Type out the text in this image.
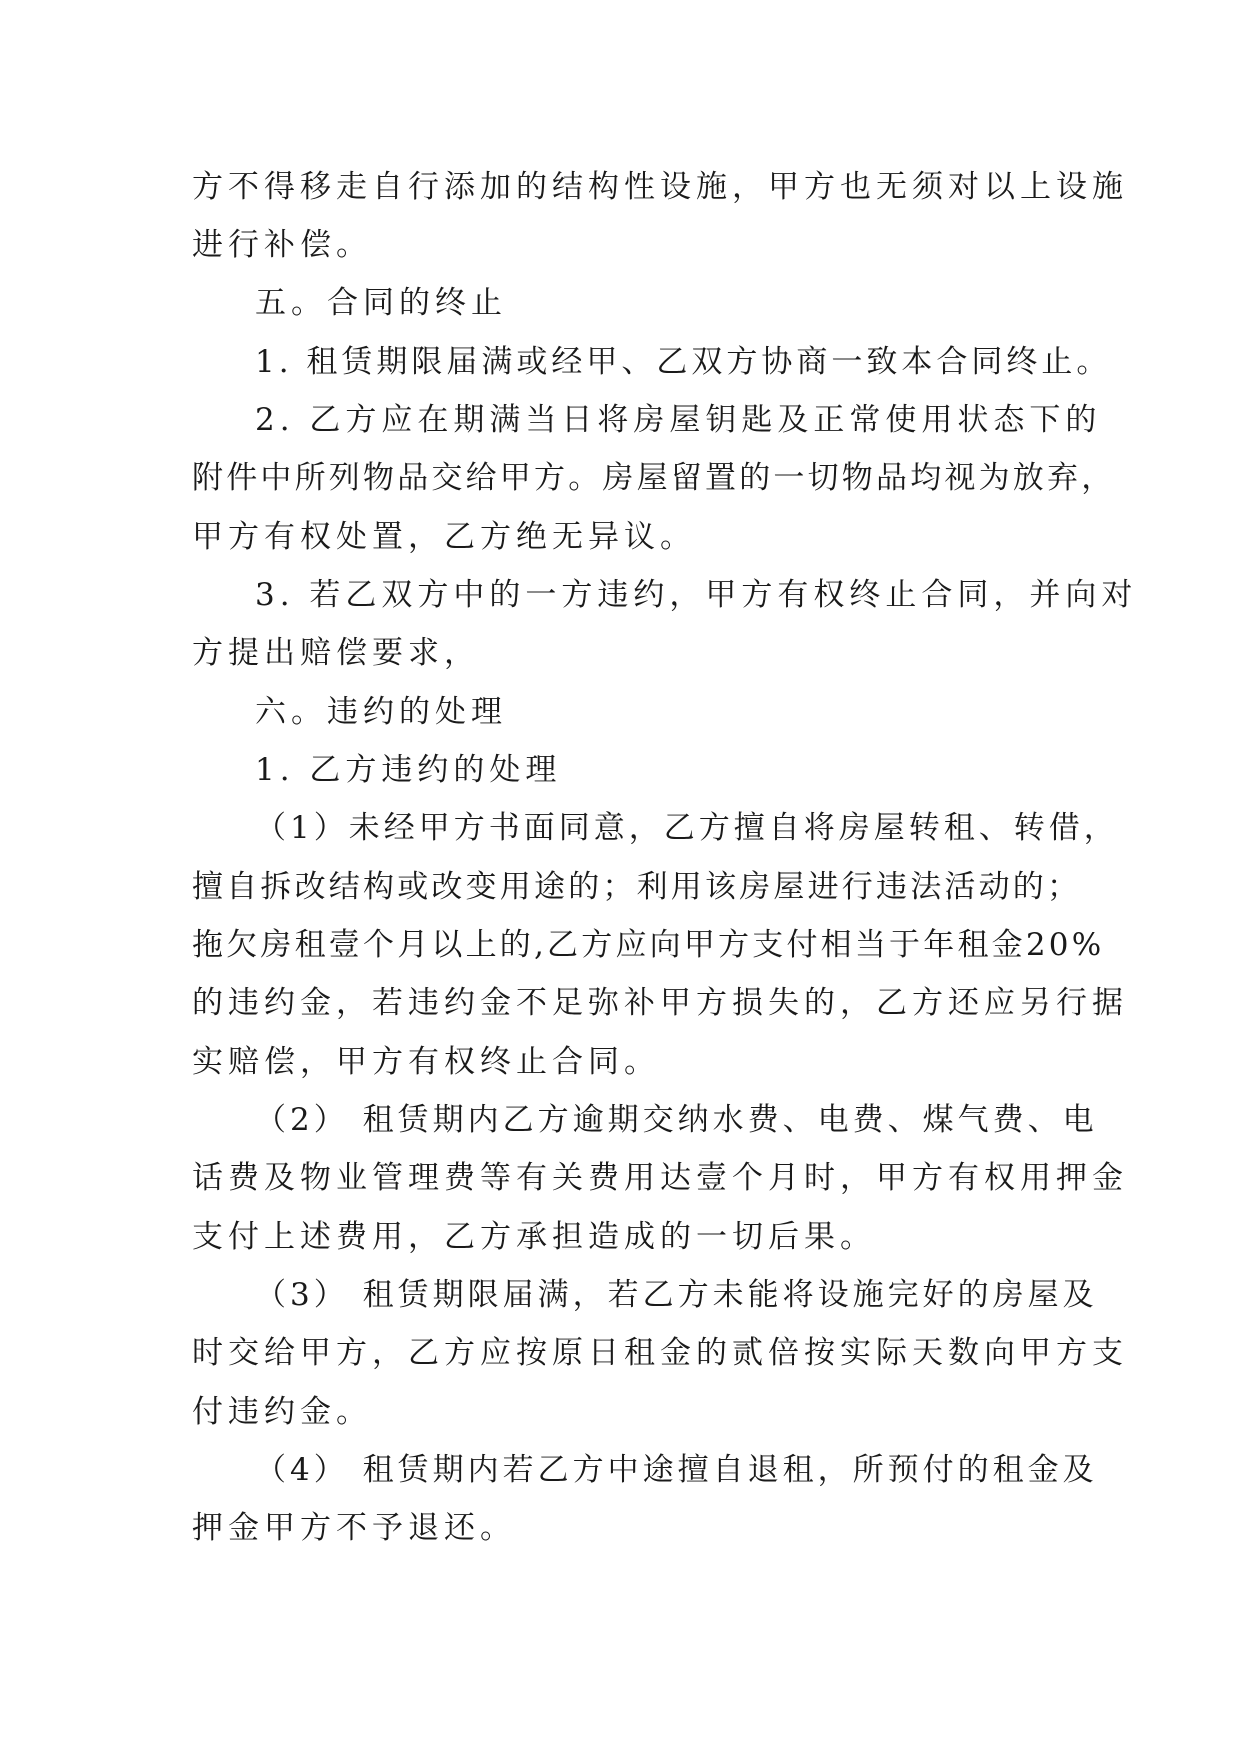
方不得移走自行添加的结构性设施，甲方也无须对以上设施
进行补偿。
五。合同的终止
1. 租赁期限届满或经甲、乙双方协商一致本合同终止。
2. 乙方应在期满当日将房屋钥匙及正常使用状态下的
附件中所列物品交给甲方。房屋留置的一切物品均视为放弃，
甲方有权处置，乙方绝无异议。
3. 若乙双方中的一方违约，甲方有权终止合同，并向对
方提出赔偿要求，
六。违约的处理
1. 乙方违约的处理
（1）未经甲方书面同意，乙方擅自将房屋转租、转借，
擅自拆改结构或改变用途的；利用该房屋进行违法活动的；
拖欠房租壹个月以上的,乙方应向甲方支付相当于年租金20%
的违约金，若违约金不足弥补甲方损失的，乙方还应另行据
实赔偿，甲方有权终止合同。
（2） 租赁期内乙方逾期交纳水费、电费、煤气费、电
话费及物业管理费等有关费用达壹个月时，甲方有权用押金
支付上述费用，乙方承担造成的一切后果。
（3） 租赁期限届满，若乙方未能将设施完好的房屋及
时交给甲方，乙方应按原日租金的贰倍按实际天数向甲方支
付违约金。
（4） 租赁期内若乙方中途擅自退租，所预付的租金及
押金甲方不予退还。
